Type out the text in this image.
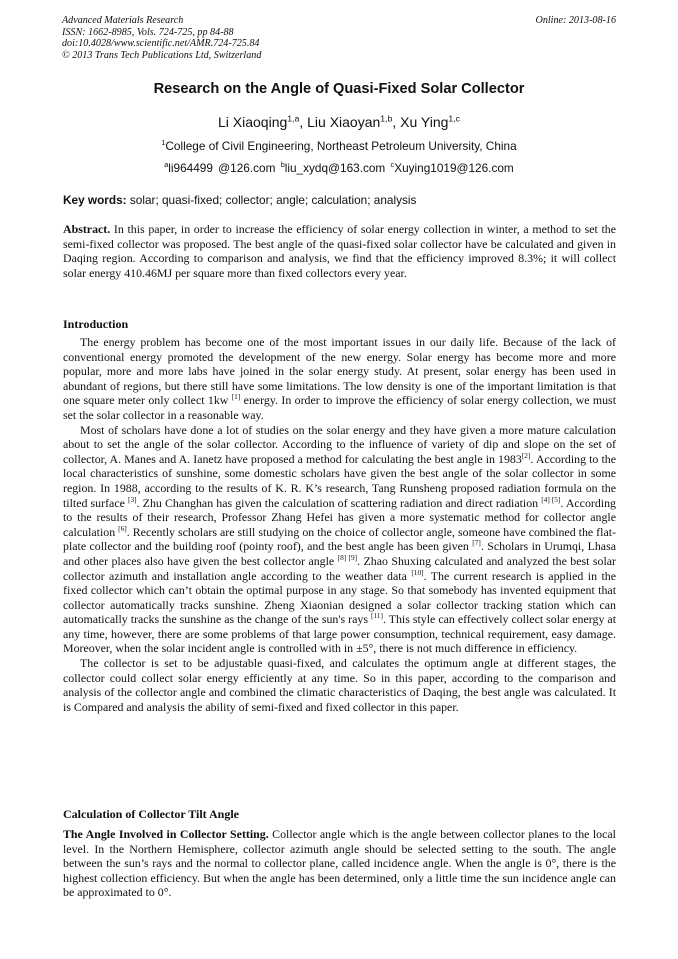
Advanced Materials Research
ISSN: 1662-8985, Vols. 724-725, pp 84-88
doi:10.4028/www.scientific.net/AMR.724-725.84
© 2013 Trans Tech Publications Ltd, Switzerland
Online: 2013-08-16
Research on the Angle of Quasi-Fixed Solar Collector
Li Xiaoqing$^{1,a}$, Liu Xiaoyan$^{1,b}$, Xu Ying$^{1,c}$
$^1$College of Civil Engineering, Northeast Petroleum University, China
$^a$li964499 @126.com $^b$liu_xydq@163.com $^c$Xuying1019@126.com
Key words: solar; quasi-fixed; collector; angle; calculation; analysis
Abstract. In this paper, in order to increase the efficiency of solar energy collection in winter, a method to set the semi-fixed collector was proposed. The best angle of the quasi-fixed solar collector have be calculated and given in Daqing region. According to comparison and analysis, we find that the efficiency improved 8.3%; it will collect solar energy 410.46MJ per square more than fixed collectors every year.
Introduction

The energy problem has become one of the most important issues in our daily life. Because of the lack of conventional energy promoted the development of the new energy. Solar energy has become more and more popular, more and more labs have joined in the solar energy study. At present, solar energy has been used in abundant of regions, but there still have some limitations. The low density is one of the important limitation is that one square meter only collect 1kw [1] energy. In order to improve the efficiency of solar energy collection, we must set the solar collector in a reasonable way.

Most of scholars have done a lot of studies on the solar energy and they have given a more mature calculation about to set the angle of the solar collector. According to the influence of variety of dip and slope on the set of collector, A. Manes and A. Ianetz have proposed a method for calculating the best angle in 1983[2]. According to the local characteristics of sunshine, some domestic scholars have given the best angle of the solar collector in some region. In 1988, according to the results of K. R. K’s research, Tang Runsheng proposed radiation formula on the tilted surface [3]. Zhu Changhan has given the calculation of scattering radiation and direct radiation [4] [5]. According to the results of their research, Professor Zhang Hefei has given a more systematic method for collector angle calculation [6]. Recently scholars are still studying on the choice of collector angle, someone have combined the flat-plate collector and the building roof (pointy roof), and the best angle has been given [7]. Scholars in Urumqi, Lhasa and other places also have given the best collector angle [8] [9]. Zhao Shuxing calculated and analyzed the best solar collector azimuth and installation angle according to the weather data [10]. The current research is applied in the fixed collector which can’t obtain the optimal purpose in any stage. So that somebody has invented equipment that collector automatically tracks sunshine. Zheng Xiaonian designed a solar collector tracking station which can automatically tracks the sunshine as the change of the sun's rays [11]. This style can effectively collect solar energy at any time, however, there are some problems of that large power consumption, technical requirement, easy damage. Moreover, when the solar incident angle is controlled with in ±5°, there is not much difference in efficiency.

The collector is set to be adjustable quasi-fixed, and calculates the optimum angle at different stages, the collector could collect solar energy efficiently at any time. So in this paper, according to the comparison and analysis of the collector angle and combined the climatic characteristics of Daqing, the best angle was calculated. It is Compared and analysis the ability of semi-fixed and fixed collector in this paper.

Calculation of Collector Tilt Angle

The Angle Involved in Collector Setting. Collector angle which is the angle between collector planes to the local level. In the Northern Hemisphere, collector azimuth angle should be selected setting to the south. The angle between the sun’s rays and the normal to collector plane, called incidence angle. When the angle is 0°, there is the highest collection efficiency. But when the angle has been determined, only a little time the sun incidence angle can be approximated to 0°.
